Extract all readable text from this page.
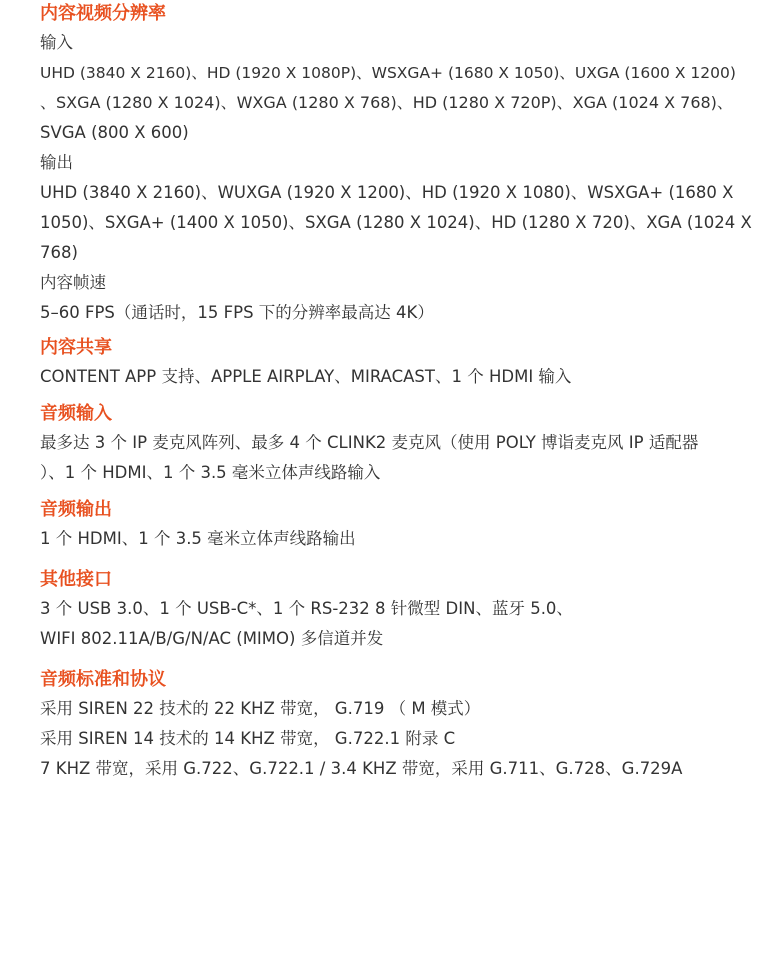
内容视频分辨率

输入

UHD (3840 X 2160)、HD (1920 X 1080P)、WSXGA+ (1680 X 1050)、UXGA (1600 X 1200)

、SXGA (1280 X 1024)、WXGA (1280 X 768)、HD (1280 X 720P)、XGA (1024 X 768)、

SVGA (800 X 600)

输出

UHD (3840 X 2160)、WUXGA (1920 X 1200)、HD (1920 X 1080)、WSXGA+ (1680 X

1050)、SXGA+ (1400 X 1050)、SXGA (1280 X 1024)、HD (1280 X 720)、XGA (1024 X

768)

内容帧速

5–60 FPS（通话时，15 FPS 下的分辨率最高达 4K）

内容共享

CONTENT APP 支持、APPLE AIRPLAY、MIRACAST、1 个 HDMI 输入

音频输入

最多达 3 个 IP 麦克风阵列、最多 4 个 CLINK2 麦克风（使用 POLY 博诣麦克风 IP 适配器

）、1 个 HDMI、1 个 3.5 毫米立体声线路输入

音频输出

1 个 HDMI、1 个 3.5 毫米立体声线路输出

其他接口

3 个 USB 3.0、1 个 USB-C*、1 个 RS-232 8 针微型 DIN、蓝牙 5.0、

WIFI 802.11A/B/G/N/AC (MIMO) 多信道并发

音频标准和协议

采用 SIREN 22 技术的 22 KHZ 带宽， G.719 （ M 模式）

采用 SIREN 14 技术的 14 KHZ 带宽， G.722.1 附录 C

7 KHZ 带宽，采用 G.722、G.722.1 / 3.4 KHZ 带宽，采用 G.711、G.728、G.729A
